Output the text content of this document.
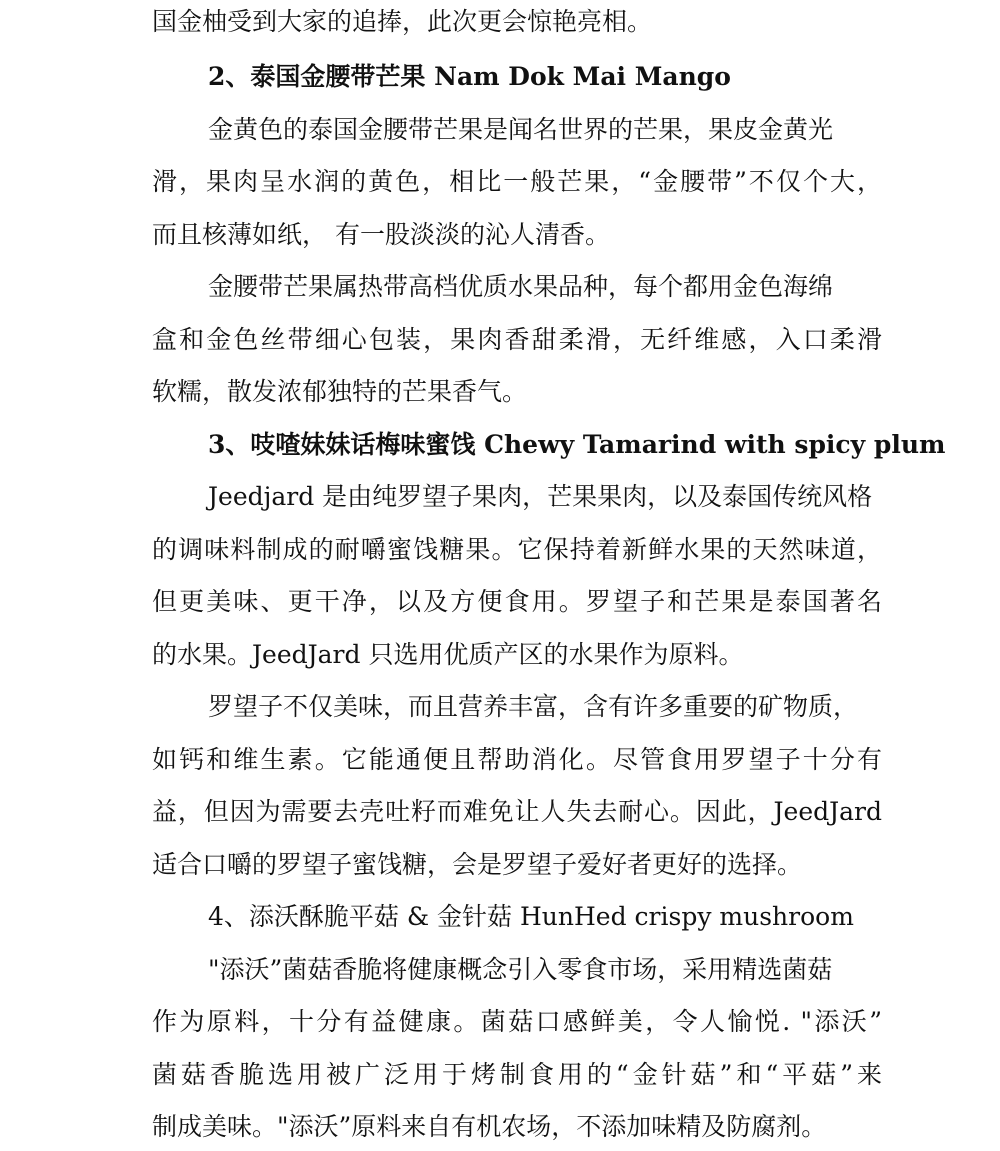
国金柚受到大家的追捧，此次更会惊艳亮相。
2、泰国金腰带芒果 Nam Dok Mai Mango
金黄色的泰国金腰带芒果是闻名世界的芒果，果皮金黄光
滑，果肉呈水润的黄色，相比一般芒果，“金腰带”不仅个大，
而且核薄如纸， 有一股淡淡的沁人清香。
金腰带芒果属热带高档优质水果品种，每个都用金色海绵
盒和金色丝带细心包装，果肉香甜柔滑，无纤维感，入口柔滑
软糯，散发浓郁独特的芒果香气。
3、吱喳妹妹话梅味蜜饯 Chewy Tamarind with spicy plum
Jeedjard 是由纯罗望子果肉，芒果果肉，以及泰国传统风格
的调味料制成的耐嚼蜜饯糖果。它保持着新鲜水果的天然味道，
但更美味、更干净，以及方便食用。罗望子和芒果是泰国著名
的水果。JeedJard 只选用优质产区的水果作为原料。
罗望子不仅美味，而且营养丰富，含有许多重要的矿物质，
如钙和维生素。它能通便且帮助消化。尽管食用罗望子十分有
益，但因为需要去壳吐籽而难免让人失去耐心。因此，JeedJard
适合口嚼的罗望子蜜饯糖，会是罗望子爱好者更好的选择。
4、添沃酥脆平菇 & 金针菇 HunHed crispy mushroom
"添沃”菌菇香脆将健康概念引入零食市场，采用精选菌菇
作为原料，十分有益健康。菌菇口感鲜美，令人愉悦. "添沃”
菌菇香脆选用被广泛用于烤制食用的“金针菇”和“平菇”来
制成美味。"添沃”原料来自有机农场，不添加味精及防腐剂。
